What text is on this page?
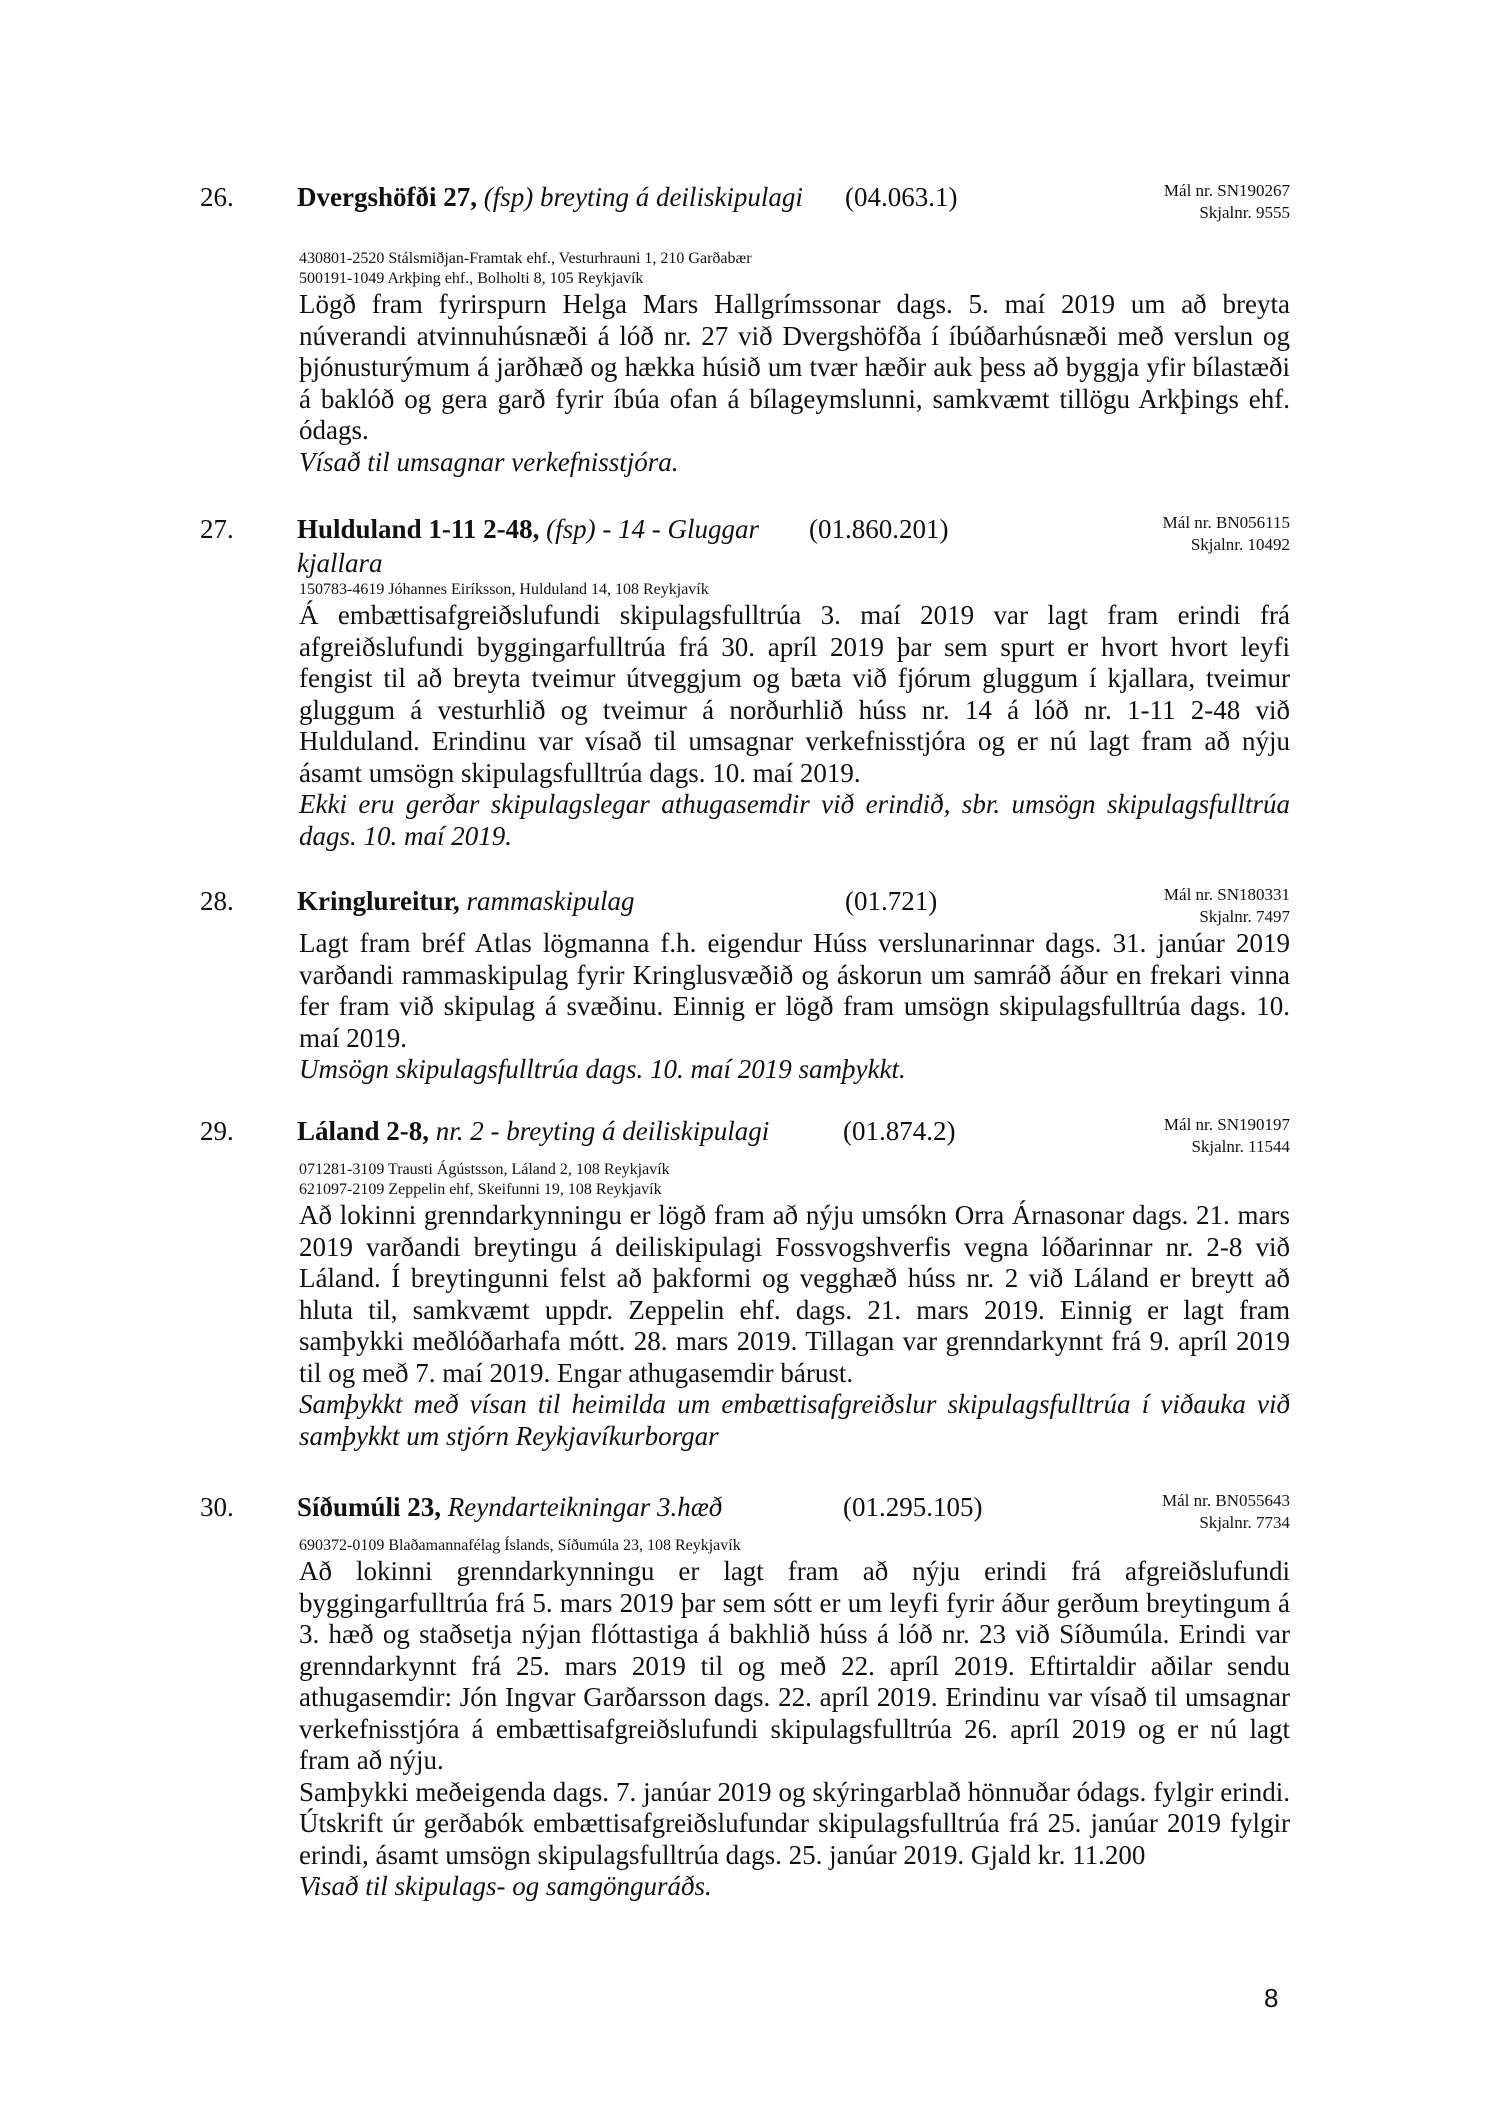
26. Dvergshöfði 27, (fsp) breyting á deiliskipulagi	(04.063.1)	Mál nr. SN190267
Skjalnr. 9555
430801-2520 Stálsmiðjan-Framtak ehf., Vesturhrauni 1, 210 Garðabær
500191-1049 Arkþing ehf., Bolholti 8, 105 Reykjavík

Lögð fram fyrirspurn Helga Mars Hallgrímssonar dags. 5. maí 2019 um að breyta núverandi atvinnuhúsnæði á lóð nr. 27 við Dvergshöfða í íbúðarhúsnæði með verslun og þjónusturýmum á jarðhæð og hækka húsið um tvær hæðir auk þess að byggja yfir bílastæði á baklóð og gera garð fyrir íbúa ofan á bílageymslunni, samkvæmt tillögu Arkþings ehf. ódags.

Vísað til umsagnar verkefnisstjóra.

27. Hulduland 1-11 2-48, (fsp) - 14 - Gluggar kjallara
(01.860.201)	Mál nr. BN056115
Skjalnr. 10492
150783-4619 Jóhannes Eiríksson, Hulduland 14, 108 Reykjavík

Á embættisafgreiðslufundi skipulagsfulltrúa 3. maí 2019 var lagt fram erindi frá afgreiðslufundi byggingarfulltrúa frá 30. apríl 2019 þar sem spurt er hvort hvort leyfi fengist til að breyta tveimur útveggjum og bæta við fjórum gluggum í kjallara, tveimur gluggum á vesturhlið og tveimur á norðurhlið húss nr. 14 á lóð nr. 1-11 2-48 við Hulduland. Erindinu var vísað til umsagnar verkefnisstjóra og er nú lagt fram að nýju ásamt umsögn skipulagsfulltrúa dags. 10. maí 2019.

Ekki eru gerðar skipulagslegar athugasemdir við erindið, sbr. umsögn skipulagsfulltrúa dags. 10. maí 2019.

28. Kringlureitur, rammaskipulag	(01.721)	Mál nr. SN180331
Skjalnr. 7497

Lagt fram bréf Atlas lögmanna f.h. eigendur Húss verslunarinnar dags. 31. janúar 2019 varðandi rammaskipulag fyrir Kringlusvæðið og áskorun um samráð áður en frekari vinna fer fram við skipulag á svæðinu. Einnig er lögð fram umsögn skipulagsfulltrúa dags. 10. maí 2019.

Umsögn skipulagsfulltrúa dags. 10. maí 2019 samþykkt.

29. Láland 2-8, nr. 2 - breyting á deiliskipulagi	(01.874.2)	Mál nr. SN190197
Skjalnr. 11544
071281-3109 Trausti Ágústsson, Láland 2, 108 Reykjavík
621097-2109 Zeppelin ehf, Skeifunni 19, 108 Reykjavík

Að lokinni grenndarkynningu er lögð fram að nýju umsókn Orra Árnasonar dags. 21. mars 2019 varðandi breytingu á deiliskipulagi Fossvogshverfis vegna lóðarinnar nr. 2-8 við Láland. Í breytingunni felst að þakformi og vegghæð húss nr. 2 við Láland er breytt að hluta til, samkvæmt uppdr. Zeppelin ehf. dags. 21. mars 2019. Einnig er lagt fram samþykki meðlóðarhafa mótt. 28. mars 2019. Tillagan var grenndarkynnt frá 9. apríl 2019 til og með 7. maí 2019. Engar athugasemdir bárust.

Samþykkt með vísan til heimilda um embættisafgreiðslur skipulagsfulltrúa í viðauka við samþykkt um stjórn Reykjavíkurborgar

30. Síðumúli 23, Reyndarteikningar 3.hæð	(01.295.105)	Mál nr. BN055643
Skjalnr. 7734
690372-0109 Blaðamannafélag Íslands, Síðumúla 23, 108 Reykjavík

Að lokinni grenndarkynningu er lagt fram að nýju erindi frá afgreiðslufundi byggingarfulltrúa frá 5. mars 2019 þar sem sótt er um leyfi fyrir áður gerðum breytingum á 3. hæð og staðsetja nýjan flóttastiga á bakhlið húss á lóð nr. 23 við Síðumúla. Erindi var grenndarkynnt frá 25. mars 2019 til og með 22. apríl 2019. Eftirtaldir aðilar sendu athugasemdir: Jón Ingvar Garðarsson dags. 22. apríl 2019. Erindinu var vísað til umsagnar verkefnisstjóra á embættisafgreiðslufundi skipulagsfulltrúa 26. apríl 2019 og er nú lagt fram að nýju.

Samþykki meðeigenda dags. 7. janúar 2019 og skýringarblað hönnuðar ódags. fylgir erindi. Útskrift úr gerðabók embættisafgreiðslufundar skipulagsfulltrúa frá 25. janúar 2019 fylgir erindi, ásamt umsögn skipulagsfulltrúa dags. 25. janúar 2019. Gjald kr. 11.200

Visað til skipulags- og samgönguráðs.

8
